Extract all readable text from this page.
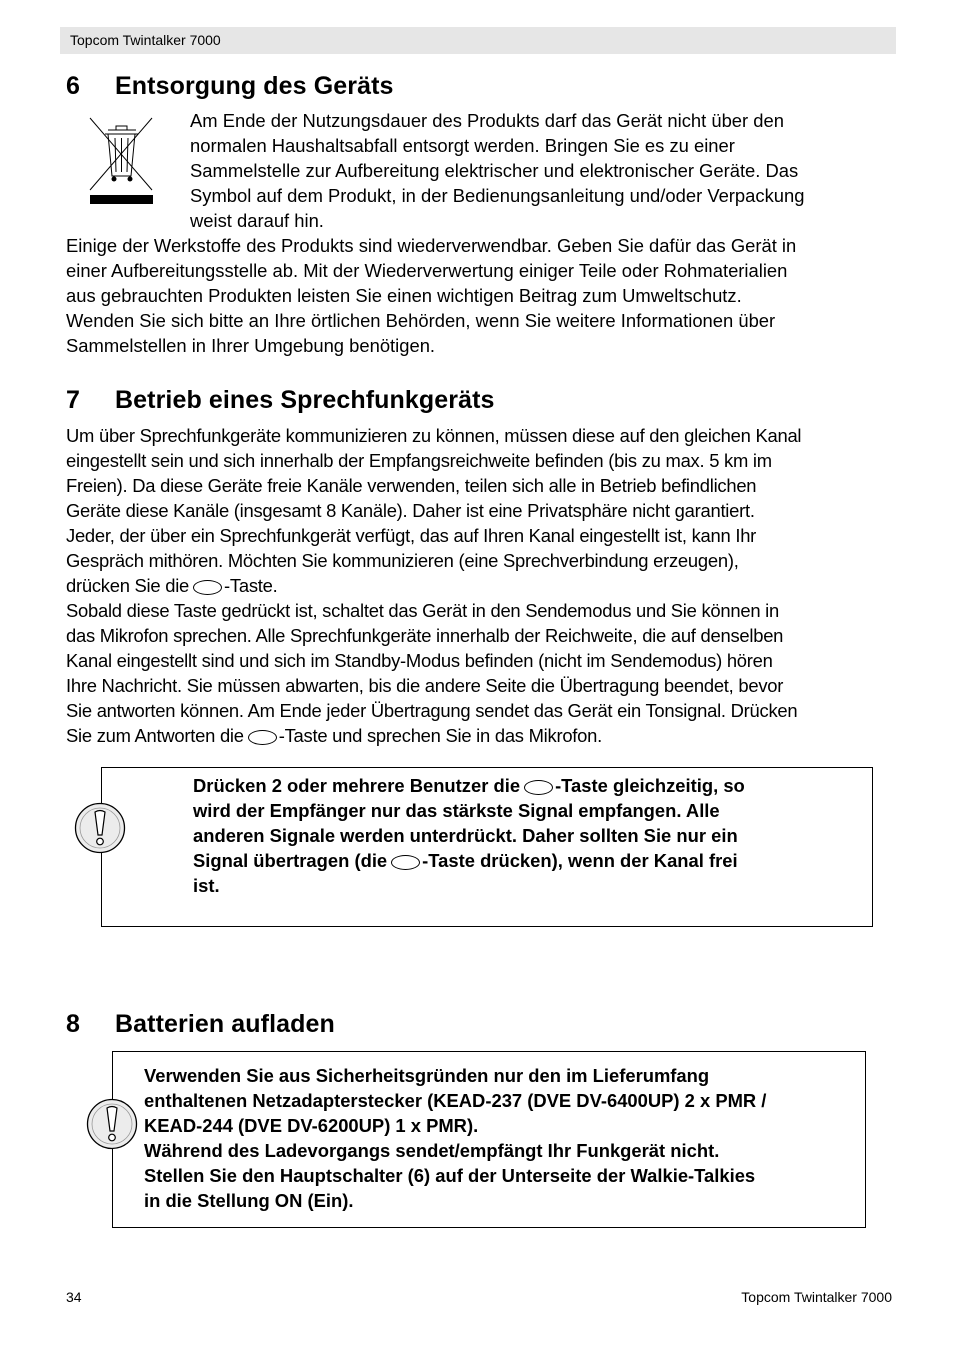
Topcom Twintalker 7000
6 Entsorgung des Geräts
Am Ende der Nutzungsdauer des Produkts darf das Gerät nicht über den
normalen Haushaltsabfall entsorgt werden. Bringen Sie es zu einer
Sammelstelle zur Aufbereitung elektrischer und elektronischer Geräte. Das
Symbol auf dem Produkt, in der Bedienungsanleitung und/oder Verpackung
weist darauf hin.
Einige der Werkstoffe des Produkts sind wiederverwendbar. Geben Sie dafür das Gerät in
einer Aufbereitungsstelle ab. Mit der Wiederverwertung einiger Teile oder Rohmaterialien
aus gebrauchten Produkten leisten Sie einen wichtigen Beitrag zum Umweltschutz.
Wenden Sie sich bitte an Ihre örtlichen Behörden, wenn Sie weitere Informationen über
Sammelstellen in Ihrer Umgebung benötigen.
7 Betrieb eines Sprechfunkgeräts
Um über Sprechfunkgeräte kommunizieren zu können, müssen diese auf den gleichen Kanal
eingestellt sein und sich innerhalb der Empfangsreichweite befinden (bis zu max. 5 km im
Freien). Da diese Geräte freie Kanäle verwenden, teilen sich alle in Betrieb befindlichen
Geräte diese Kanäle (insgesamt 8 Kanäle). Daher ist eine Privatsphäre nicht garantiert.
Jeder, der über ein Sprechfunkgerät verfügt, das auf Ihren Kanal eingestellt ist, kann Ihr
Gespräch mithören. Möchten Sie kommunizieren (eine Sprechverbindung erzeugen),
drücken Sie die -Taste.
Sobald diese Taste gedrückt ist, schaltet das Gerät in den Sendemodus und Sie können in
das Mikrofon sprechen. Alle Sprechfunkgeräte innerhalb der Reichweite, die auf denselben
Kanal eingestellt sind und sich im Standby-Modus befinden (nicht im Sendemodus) hören
Ihre Nachricht. Sie müssen abwarten, bis die andere Seite die Übertragung beendet, bevor
Sie antworten können. Am Ende jeder Übertragung sendet das Gerät ein Tonsignal. Drücken
Sie zum Antworten die -Taste und sprechen Sie in das Mikrofon.
Drücken 2 oder mehrere Benutzer die -Taste gleichzeitig, so
wird der Empfänger nur das stärkste Signal empfangen. Alle
anderen Signale werden unterdrückt. Daher sollten Sie nur ein
Signal übertragen (die -Taste drücken), wenn der Kanal frei
ist.
8 Batterien aufladen
Verwenden Sie aus Sicherheitsgründen nur den im Lieferumfang
enthaltenen Netzadapterstecker (KEAD-237 (DVE DV-6400UP) 2 x PMR /
KEAD-244 (DVE DV-6200UP) 1 x PMR).
Während des Ladevorgangs sendet/empfängt Ihr Funkgerät nicht.
Stellen Sie den Hauptschalter (6) auf der Unterseite der Walkie-Talkies
in die Stellung ON (Ein).
34	Topcom Twintalker 7000
